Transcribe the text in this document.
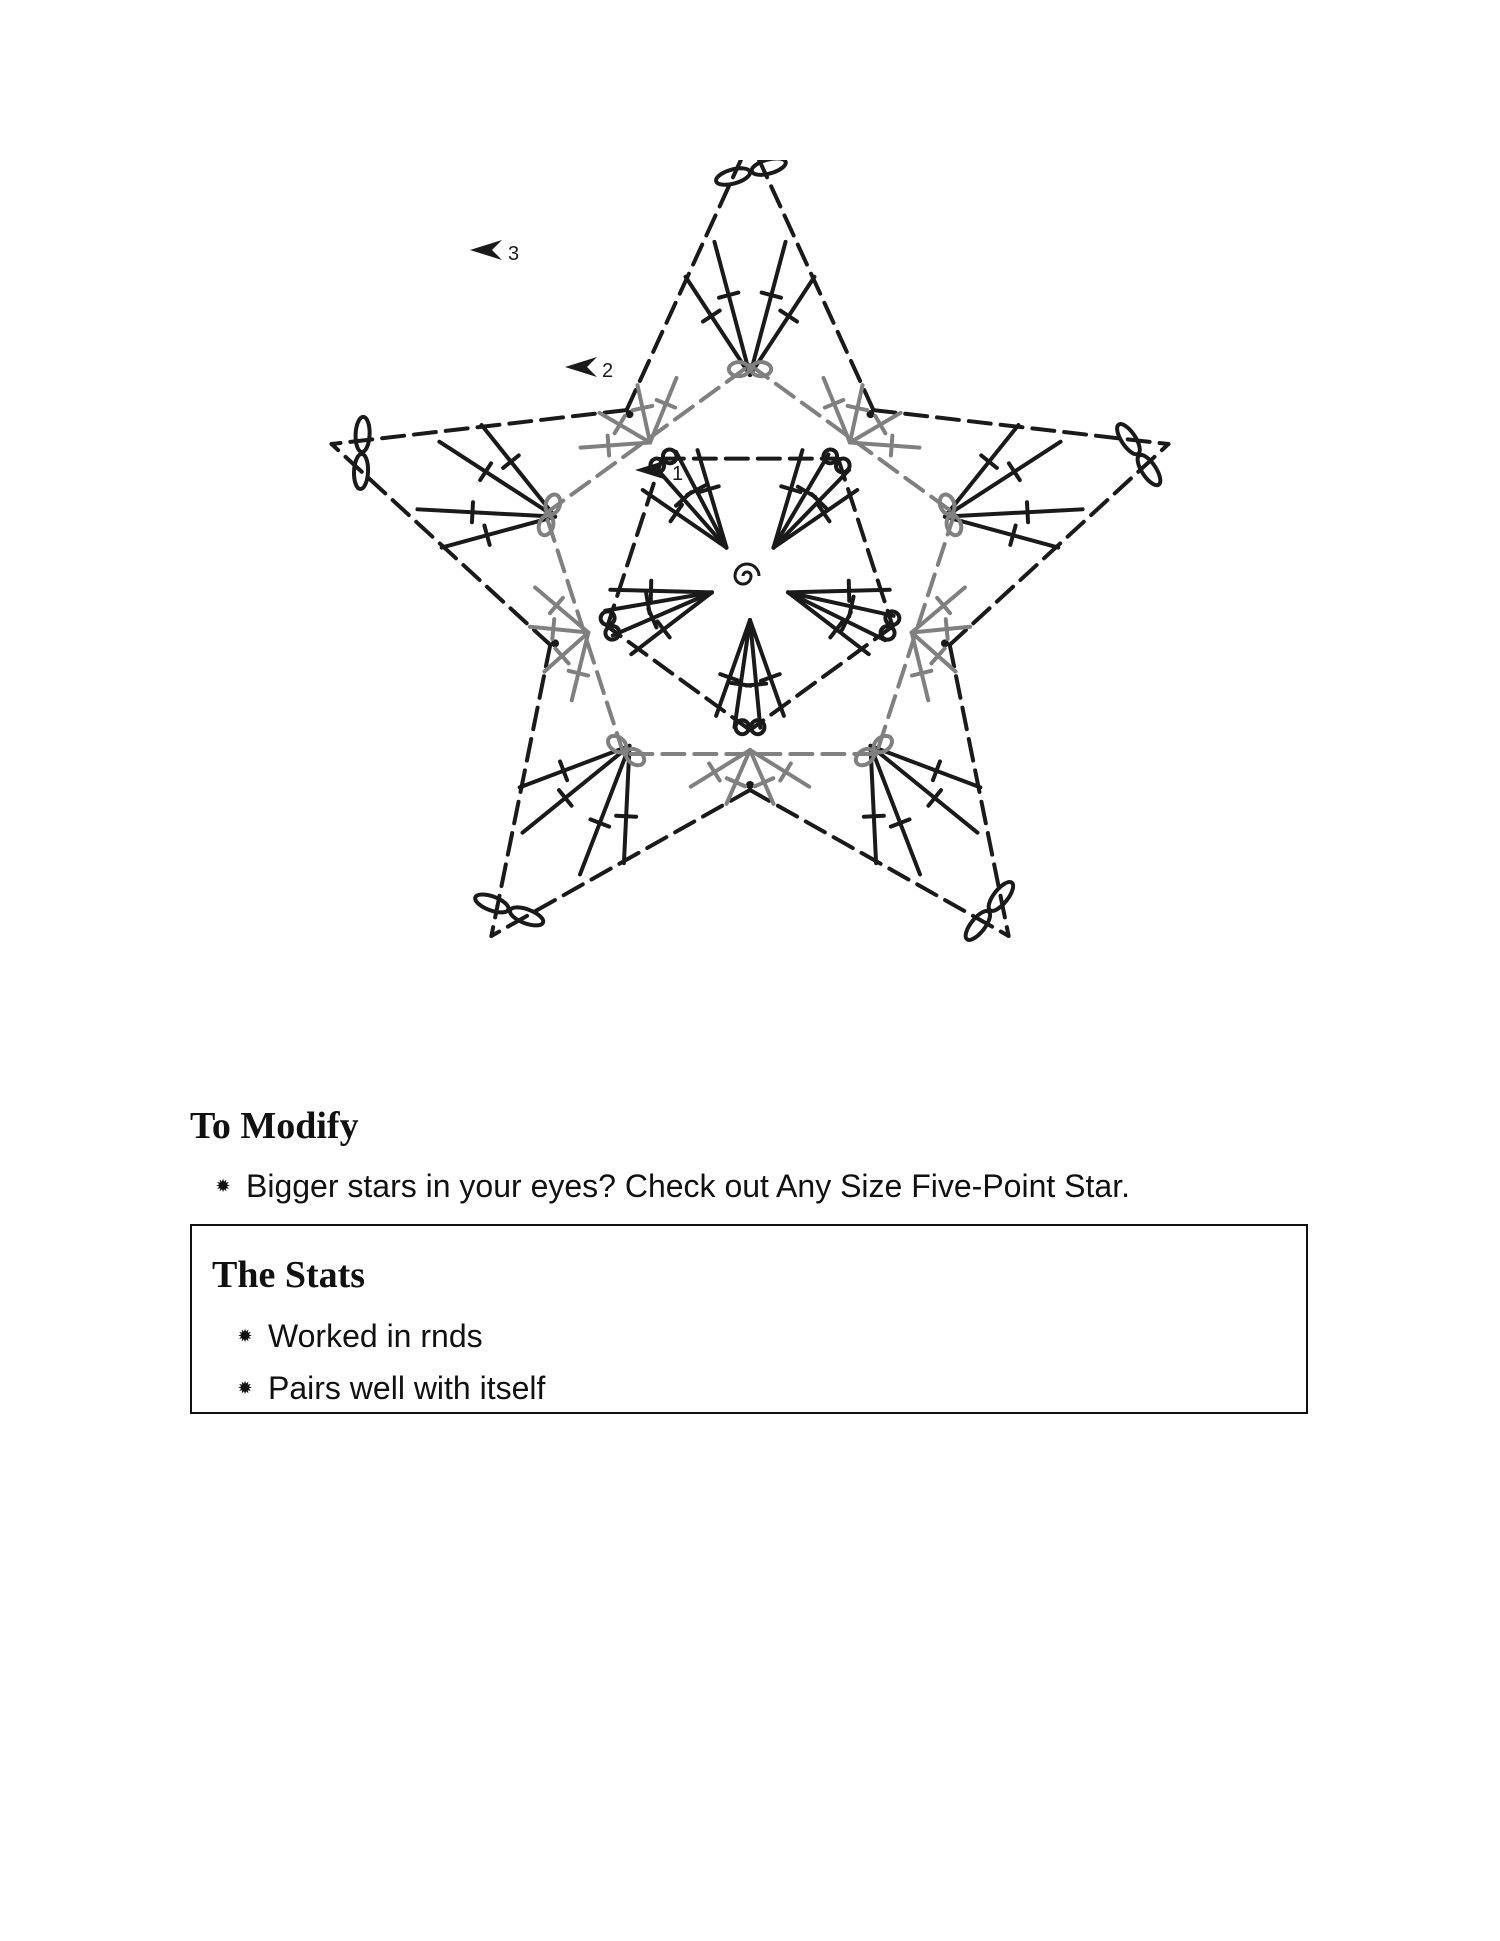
3
2
1
To Modify
✹ Bigger stars in your eyes? Check out Any Size Five-Point Star.
The Stats
✹ Worked in rnds
✹ Pairs well with itself
